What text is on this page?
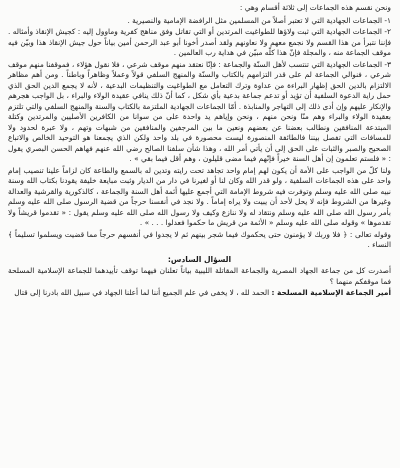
ونحن نقسم هذه الجماعات إلى ثلاثة أقسام وهي :

١- الجماعات الجهادية التي لا تعتبر أصلاً من المسلمين مثل الرافضة الإمامية والنصيرية .

٢- الجماعات الجهادية التي ثبت ولاؤها للطواغيت المرتدين أو التي تقاتل وفق مناهج كفرية وماوول إليه : كجيش الإنقاذ وأمثاله . فإننا نتبرأ من هذا القسم ولا نجمع معهم ولا نعاونهم ولقد أصدر أخونا أبو عبد الرحمن أمين بياناً حول جيش الإنقاذ هذا وبيّن فيه موقف الجماعة منه ، والمجلة فإنّ هذا كلّه مبيّن في هداية رب العالمين .

٣- الجماعات الجهادية التي تنتسب لأهل السنّة والجماعة : فإنّا نعتقد منهم موقف شرعي ، فلا نقول هؤلاء ، فموقفنا منهم موقف شرعي ، فنوالي الجماعة لم على قدر التزامهم بالكتاب والسنّة والمنهج السلفي قولاً وعملاً وظاهراً وباطناً . ومن أهم مظاهر الالتزام بالدين الحق إظهار البراءة من عداوة وترك التعامل مع الطواغيت والتنظيمات البدعية ، لأنه لا يجمع الدين الحق الذي حمل راية الدعوة السلفية أن تؤيد أو تدعم جماعة بدعية بأي شكل ، كما أنّ ذلك ينافي عقيدة الولاء والبراء ، بل الواجب هجرهم والإنكار عليهم وإن أدى ذلك إلى التهاجر والمنابذة . أمّا الجماعات الجهادية الملتزمة بالكتاب والسنة والمنهج السلفي والتي تلتزم بعقيدة الولاء والبراء وهم منّا ونحن منهم ، ونحن وإياهم يد واحدة على من سوانا من الكافرين الأصليين والمرتدين وكتلة المبتدعة المنافقين ونطالب بعضنا عن بعضهم ونعين ما بين المرجفين والمنافقين من شبهات وتهم ، ولا عبرة لحدود ولا للمسافات التي تفصل بيننا فالطائفة المنصورة ليست محصورة في بلد واحد ولكن الذي يجمعنا هو التوحيد الخالص والاتباع الصحيح والصبر والثبات على الحق إلى أن يأتي أمر الله ، وهذا شأن سلفنا الصالح رضي الله عنهم فهاهم الحسن البصري يقول : « فلستم تعلمون إن أهل السنة خيراً فإنّهم فيما مضى قليلون ، وهم أقل فيما بقي » .

ولنا كلّ من الواجب على الأمة أن يكون لهم إمام واحد تجاهد تحت رايته وتدين له بالسمع والطاعة كان لزاماً علينا تنصيب إمام واحد على هذه الجماعات السلفية ، ولو قدر الله وكان لنا أو لغيرنا في دار من الديار وثبت مبايعة خليفة يقودنا بكتاب الله وسنة نبيه صلى الله عليه وسلم وتوفرت فيه شروط الإمامة التي أجمع عليها أئمة أهل السنة والجماعة ، كالذكورية والقرشية والعدالة وغيرها من الشروط فإنه لا يحل لأحد أن يبيت ولا يراه إماماً . ولا نجد في أنفسنا حرجاً من قضية الرسول صلى الله عليه وسلم بأمر رسول الله صلى الله عليه وسلم ونتقاد له ولا ننازع وكيف ولا رسول الله صلى الله عليه وسلم يقول : « تقدموا قريشاً ولا تقدموها » وقوله صلى الله عليه وسلم « الأئمة من قريش ما حكموا فعدلوا . . . » .

وقوله تعالى : ﴿ فلا وربك لا يؤمنون حتى يحكموك فيما شجر بينهم ثم لا يجدوا في أنفسهم حرجاً مما قضيت ويسلموا تسليماً ﴾ النساء .

السؤال السادس:

أصدرت كل من جماعة الجهاد المصرية والجماعة المقاتلة الليبية بياناً تعلنان فيهما توقف تأييدهما للجماعة الإسلامية المسلحة فما موقفكم منهما ؟

أمير الجماعة الإسلامية المسلحة : الحمد لله ، لا يخفى في علم الجميع أننا لما أعلنا الجهاد في سبيل الله بادرنا إلى قتال
